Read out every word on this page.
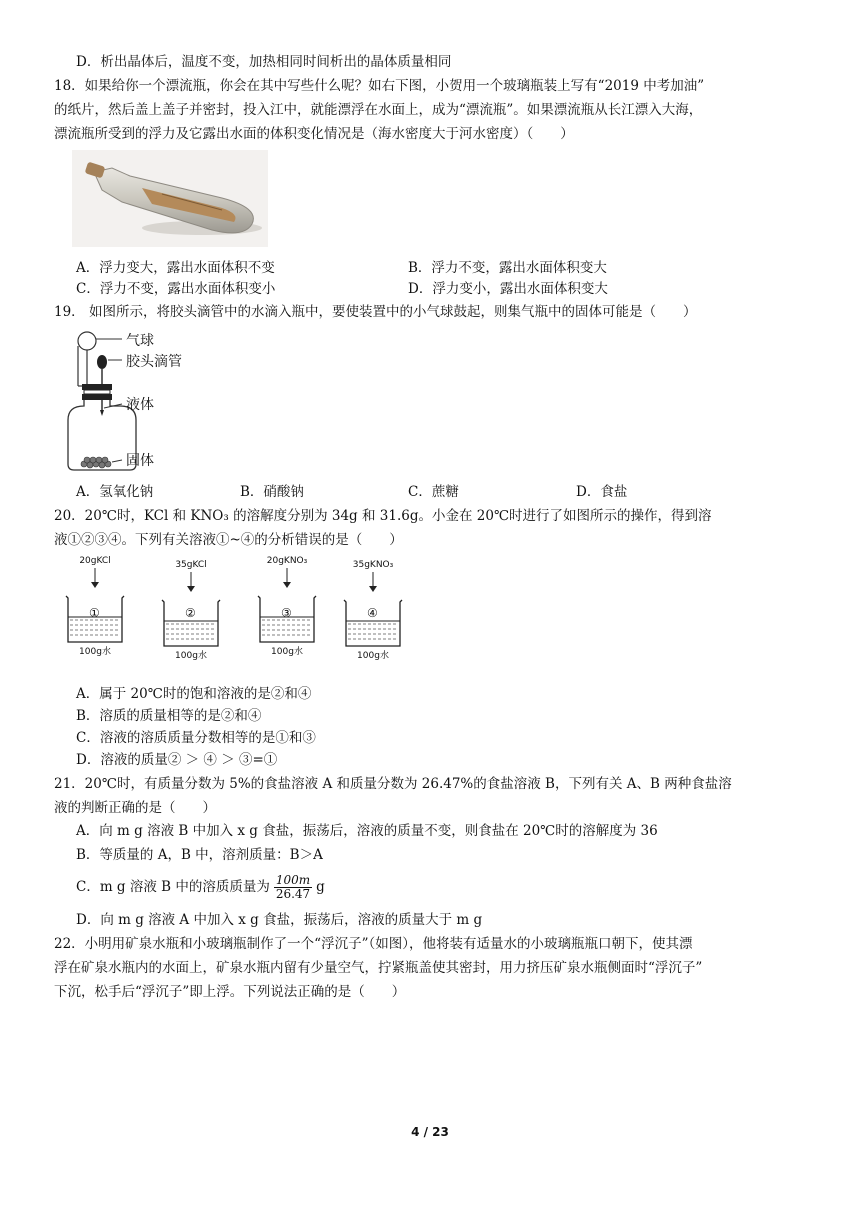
D．析出晶体后，温度不变，加热相同时间析出的晶体质量相同
18．如果给你一个漂流瓶，你会在其中写些什么呢？如右下图，小贺用一个玻璃瓶装上写有“2019 中考加油”
的纸片，然后盖上盖子并密封，投入江中，就能漂浮在水面上，成为“漂流瓶”。如果漂流瓶从长江漂入大海，
漂流瓶所受到的浮力及它露出水面的体积变化情况是（海水密度大于河水密度）（　　）
A．浮力变大，露出水面体积不变	B．浮力不变，露出水面体积变大
C．浮力不变，露出水面体积变小	D．浮力变小，露出水面体积变大
19． 如图所示，将胶头滴管中的水滴入瓶中，要使装置中的小气球鼓起，则集气瓶中的固体可能是（　　）
气球
胶头滴管
液体
固体
A．氢氧化钠	B．硝酸钠	C．蔗糖	D．食盐
20．20℃时，KCl 和 KNO₃ 的溶解度分别为 34g 和 31.6g。小金在 20℃时进行了如图所示的操作，得到溶
液①②③④。下列有关溶液①~④的分析错误的是（　　）
20gKCl
①
100g水
35gKCl
②
100g水
20gKNO₃
③
100g水
35gKNO₃
④
100g水
A．属于 20℃时的饱和溶液的是②和④
B．溶质的质量相等的是②和④
C．溶液的溶质质量分数相等的是①和③
D．溶液的质量② ＞ ④ ＞ ③=①
21．20℃时，有质量分数为 5%的食盐溶液 A 和质量分数为 26.47%的食盐溶液 B，下列有关 A、B 两种食盐溶
液的判断正确的是（　　）
A．向 m g 溶液 B 中加入 x g 食盐，振荡后，溶液的质量不变，则食盐在 20℃时的溶解度为 36
B．等质量的 A，B 中，溶剂质量：B＞A
C．m g 溶液 B 中的溶质质量为 $\frac{100m}{26.47}$ g
D．向 m g 溶液 A 中加入 x g 食盐，振荡后，溶液的质量大于 m g
22．小明用矿泉水瓶和小玻璃瓶制作了一个“浮沉子”（如图），他将装有适量水的小玻璃瓶瓶口朝下，使其漂
浮在矿泉水瓶内的水面上，矿泉水瓶内留有少量空气，拧紧瓶盖使其密封，用力挤压矿泉水瓶侧面时“浮沉子”
下沉，松手后“浮沉子”即上浮。下列说法正确的是（　　）
4 / 23
